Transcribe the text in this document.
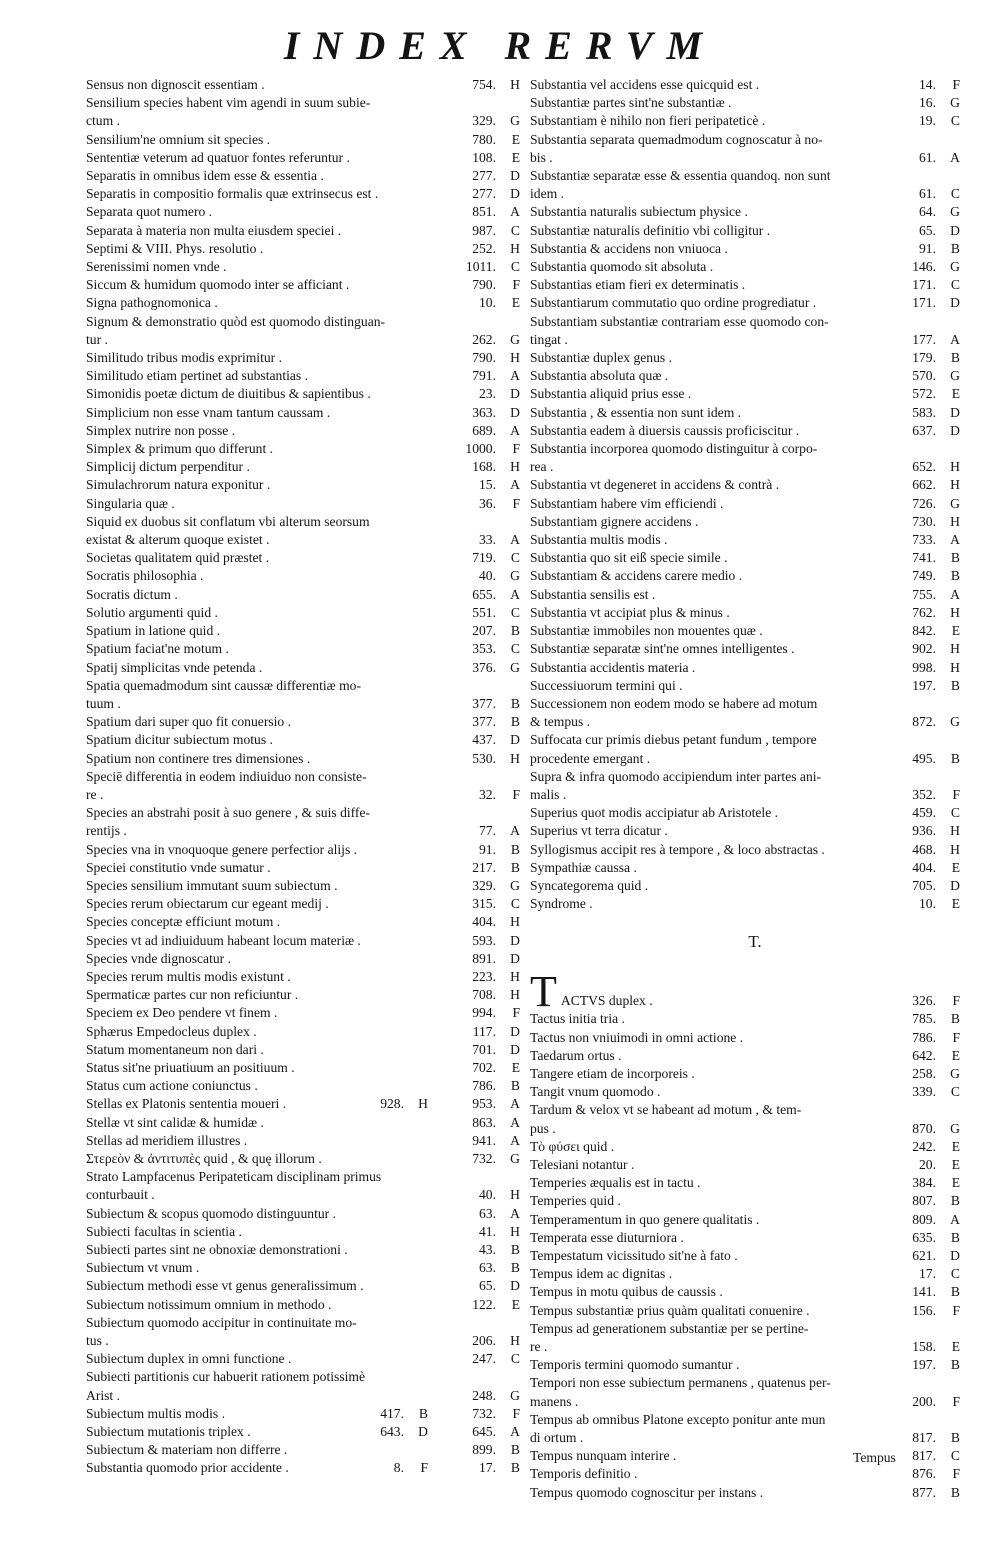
INDEX RERVM
Sensus non dignoscit essentiam .	754.	H
Sensilium species habent vim agendi in suum subie-
ctum .	329.	G
Sensilium'ne omnium sit species .	780.	E
Sententiæ veterum ad quatuor fontes referuntur .	108.	E
Separatis in omnibus idem esse & essentia .	277.	D
Separatis in compositio formalis quæ extrinsecus est .	277.	D
Separata quot numero .	851.	A
Separata à materia non multa eiusdem speciei .	987.	C
Septimi & VIII. Phys. resolutio .	252.	H
Serenissimi nomen vnde .	1011.	C
Siccum & humidum quomodo inter se afficiant .	790.	F
Signa pathognomonica .	10.	E
Signum & demonstratio quòd est quomodo distinguan-
tur .	262.	G
Similitudo tribus modis exprimitur .	790.	H
Similitudo etiam pertinet ad substantias .	791.	A
Simonidis poetæ dictum de diuitibus & sapientibus .	23.	D
Simplicium non esse vnam tantum caussam .	363.	D
Simplex nutrire non posse .	689.	A
Simplex & primum quo differunt .	1000.	F
Simplicij dictum perpenditur .	168.	H
Simulachrorum natura exponitur .	15.	A
Singularia quæ .	36.	F
Siquid ex duobus sit conflatum vbi alterum seorsum
existat & alterum quoque existet .	33.	A
Societas qualitatem quid præstet .	719.	C
Socratis philosophia .	40.	G
Socratis dictum .	655.	A
Solutio argumenti quid .	551.	C
Spatium in latione quid .	207.	B
Spatium faciat'ne motum .	353.	C
Spatij simplicitas vnde petenda .	376.	G
Spatia quemadmodum sint caussæ differentiæ mo-
tuum .	377.	B
Spatium dari super quo fit conuersio .	377.	B
Spatium dicitur subiectum motus .	437.	D
Spatium non continere tres dimensiones .	530.	H
Speciē differentia in eodem indiuiduo non consiste-
re .	32.	F
Species an abstrahi posit à suo genere , & suis diffe-
rentijs .	77.	A
Species vna in vnoquoque genere perfectior alijs .	91.	B
Speciei constitutio vnde sumatur .	217.	B
Species sensilium immutant suum subiectum .	329.	G
Species rerum obiectarum cur egeant medij .	315.	C
Species conceptæ efficiunt motum .	404.	H
Species vt ad indiuiduum habeant locum materiæ .	593.	D
Species vnde dignoscatur .	891.	D
Species rerum multis modis existunt .	223.	H
Spermaticæ partes cur non reficiuntur .	708.	H
Speciem ex Deo pendere vt finem .	994.	F
Sphærus Empedocleus duplex .	117.	D
Statum momentaneum non dari .	701.	D
Status sit'ne priuatiuum an positiuum .	702.	E
Status cum actione coniunctus .	786.	B
Stellas ex Platonis sententia moueri .	928.	H	953.	A
Stellæ vt sint calidæ & humidæ .	863.	A
Stellas ad meridiem illustres .	941.	A
Στερεὸν & ἀντιτυπὲς quid , & quę illorum .	732.	G
Strato Lampfacenus Peripateticam disciplinam primus
conturbauit .	40.	H
Subiectum & scopus quomodo distinguuntur .	63.	A
Subiecti facultas in scientia .	41.	H
Subiecti partes sint ne obnoxiæ demonstrationi .	43.	B
Subiectum vt vnum .	63.	B
Subiectum methodi esse vt genus generalissimum .	65.	D
Subiectum notissimum omnium in methodo .	122.	E
Subiectum quomodo accipitur in continuitate mo-
tus .	206.	H
Subiectum duplex in omni functione .	247.	C
Subiecti partitionis cur habuerit rationem potissimè
Arist .	248.	G
Subiectum multis modis .	417.	B	732.	F
Subiectum mutationis triplex .	643.	D	645.	A
Subiectum & materiam non differre .	899.	B
Substantia quomodo prior accidente .	8.	F	17.	B
Substantia vel accidens esse quicquid est .	14.	F
Substantiæ partes sint'ne substantiæ .	16.	G
Substantiam è nihilo non fieri peripateticè .	19.	C
Substantia separata quemadmodum cognoscatur à no-
bis .	61.	A
Substantiæ separatæ esse & essentia quandoq. non sunt
idem .	61.	C
Substantia naturalis subiectum physice .	64.	G
Substantiæ naturalis definitio vbi colligitur .	65.	D
Substantia & accidens non vniuoca .	91.	B
Substantia quomodo sit absoluta .	146.	G
Substantias etiam fieri ex determinatis .	171.	C
Substantiarum commutatio quo ordine progrediatur .	171.	D
Substantiam substantiæ contrariam esse quomodo con-
tingat .	177.	A
Substantiæ duplex genus .	179.	B
Substantia absoluta quæ .	570.	G
Substantia aliquid prius esse .	572.	E
Substantia , & essentia non sunt idem .	583.	D
Substantia eadem à diuersis caussis proficiscitur .	637.	D
Substantia incorporea quomodo distinguitur à corpo-
rea .	652.	H
Substantia vt degeneret in accidens & contrà .	662.	H
Substantiam habere vim efficiendi .	726.	G
Substantiam gignere accidens .	730.	H
Substantia multis modis .	733.	A
Substantia quo sit eiß specie simile .	741.	B
Substantiam & accidens carere medio .	749.	B
Substantia sensilis est .	755.	A
Substantia vt accipiat plus & minus .	762.	H
Substantiæ immobiles non mouentes quæ .	842.	E
Substantiæ separatæ sint'ne omnes intelligentes .	902.	H
Substantia accidentis materia .	998.	H
Successiuorum termini qui .	197.	B
Successionem non eodem modo se habere ad motum
& tempus .	872.	G
Suffocata cur primis diebus petant fundum , tempore
procedente emergant .	495.	B
Supra & infra quomodo accipiendum inter partes ani-
malis .	352.	F
Superius quot modis accipiatur ab Aristotele .	459.	C
Superius vt terra dicatur .	936.	H
Syllogismus accipit res à tempore , & loco abstractas .	468.	H
Sympathiæ caussa .	404.	E
Syncategorema quid .	705.	D
Syndrome .	10.	E
T.
T ACTVS duplex .	326.	F
Tactus initia tria .	785.	B
Tactus non vniuimodi in omni actione .	786.	F
Taedarum ortus .	642.	E
Tangere etiam de incorporeis .	258.	G
Tangit vnum quomodo .	339.	C
Tardum & velox vt se habeant ad motum , & tem-
pus .	870.	G
Τὸ φύσει quid .	242.	E
Telesiani notantur .	20.	E
Temperies æqualis est in tactu .	384.	E
Temperies quid .	807.	B
Temperamentum in quo genere qualitatis .	809.	A
Temperata esse diuturniora .	635.	B
Tempestatum vicissitudo sit'ne à fato .	621.	D
Tempus idem ac dignitas .	17.	C
Tempus in motu quibus de caussis .	141.	B
Tempus substantiæ prius quàm qualitati conuenire .	156.	F
Tempus ad generationem substantiæ per se pertine-
re .	158.	E
Temporis termini quomodo sumantur .	197.	B
Tempori non esse subiectum permanens , quatenus per-
manens .	200.	F
Tempus ab omnibus Platone excepto ponitur ante mun
di ortum .	817.	B
Tempus nunquam interire .	817.	C
Temporis definitio .	876.	F
Tempus quomodo cognoscitur per instans .	877.	B
Tempus
